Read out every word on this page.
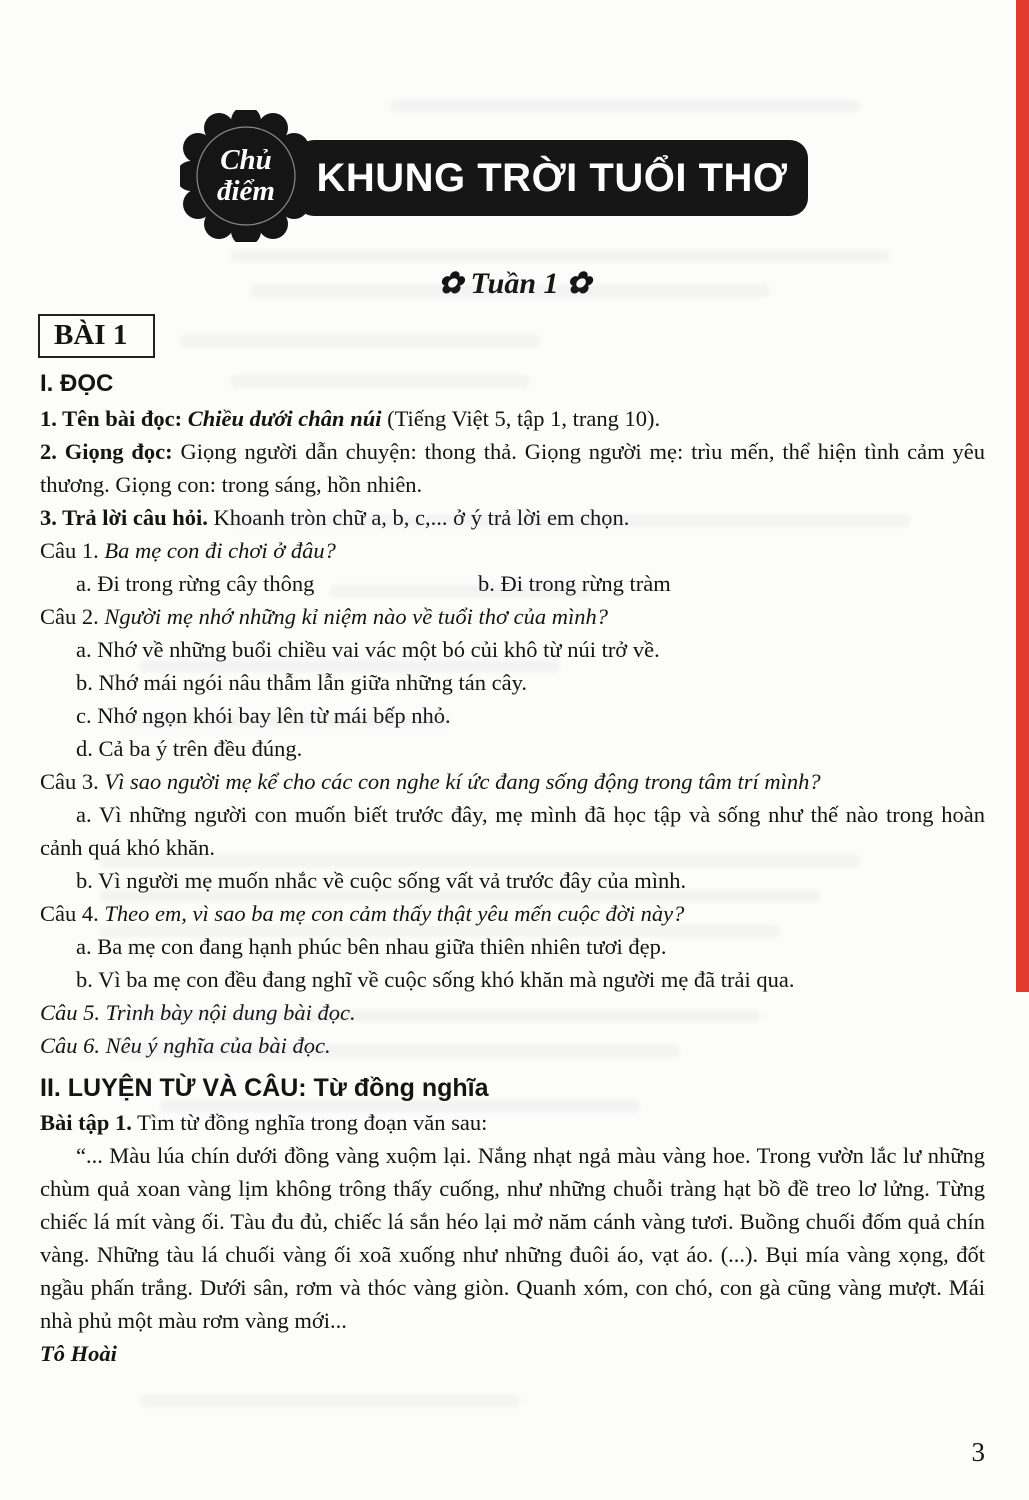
Chủ
điểm KHUNG TRỜI TUỔI THƠ
✿ Tuần 1 ✿
BÀI 1
I. ĐỌC

1. Tên bài đọc: Chiều dưới chân núi (Tiếng Việt 5, tập 1, trang 10).

2. Giọng đọc: Giọng người dẫn chuyện: thong thả. Giọng người mẹ: trìu mến, thể hiện tình cảm yêu thương. Giọng con: trong sáng, hồn nhiên.

3. Trả lời câu hỏi. Khoanh tròn chữ a, b, c,... ở ý trả lời em chọn.

Câu 1. Ba mẹ con đi chơi ở đâu?

a. Đi trong rừng cây thông	b. Đi trong rừng tràm

Câu 2. Người mẹ nhớ những kỉ niệm nào về tuổi thơ của mình?

a. Nhớ về những buổi chiều vai vác một bó củi khô từ núi trở về.

b. Nhớ mái ngói nâu thẫm lẫn giữa những tán cây.

c. Nhớ ngọn khói bay lên từ mái bếp nhỏ.

d. Cả ba ý trên đều đúng.

Câu 3. Vì sao người mẹ kể cho các con nghe kí ức đang sống động trong tâm trí mình?

a. Vì những người con muốn biết trước đây, mẹ mình đã học tập và sống như thế nào trong hoàn cảnh quá khó khăn.

b. Vì người mẹ muốn nhắc về cuộc sống vất vả trước đây của mình.

Câu 4. Theo em, vì sao ba mẹ con cảm thấy thật yêu mến cuộc đời này?

a. Ba mẹ con đang hạnh phúc bên nhau giữa thiên nhiên tươi đẹp.

b. Vì ba mẹ con đều đang nghĩ về cuộc sống khó khăn mà người mẹ đã trải qua.

Câu 5. Trình bày nội dung bài đọc.

Câu 6. Nêu ý nghĩa của bài đọc.

II. LUYỆN TỪ VÀ CÂU: Từ đồng nghĩa

Bài tập 1. Tìm từ đồng nghĩa trong đoạn văn sau:

“... Màu lúa chín dưới đồng vàng xuộm lại. Nắng nhạt ngả màu vàng hoe. Trong vườn lắc lư những chùm quả xoan vàng lịm không trông thấy cuống, như những chuỗi tràng hạt bồ đề treo lơ lửng. Từng chiếc lá mít vàng ối. Tàu đu đủ, chiếc lá sắn héo lại mở năm cánh vàng tươi. Buồng chuối đốm quả chín vàng. Những tàu lá chuối vàng ối xoã xuống như những đuôi áo, vạt áo. (...). Bụi mía vàng xọng, đốt ngầu phấn trắng. Dưới sân, rơm và thóc vàng giòn. Quanh xóm, con chó, con gà cũng vàng mượt. Mái nhà phủ một màu rơm vàng mới...

Tô Hoài

3
